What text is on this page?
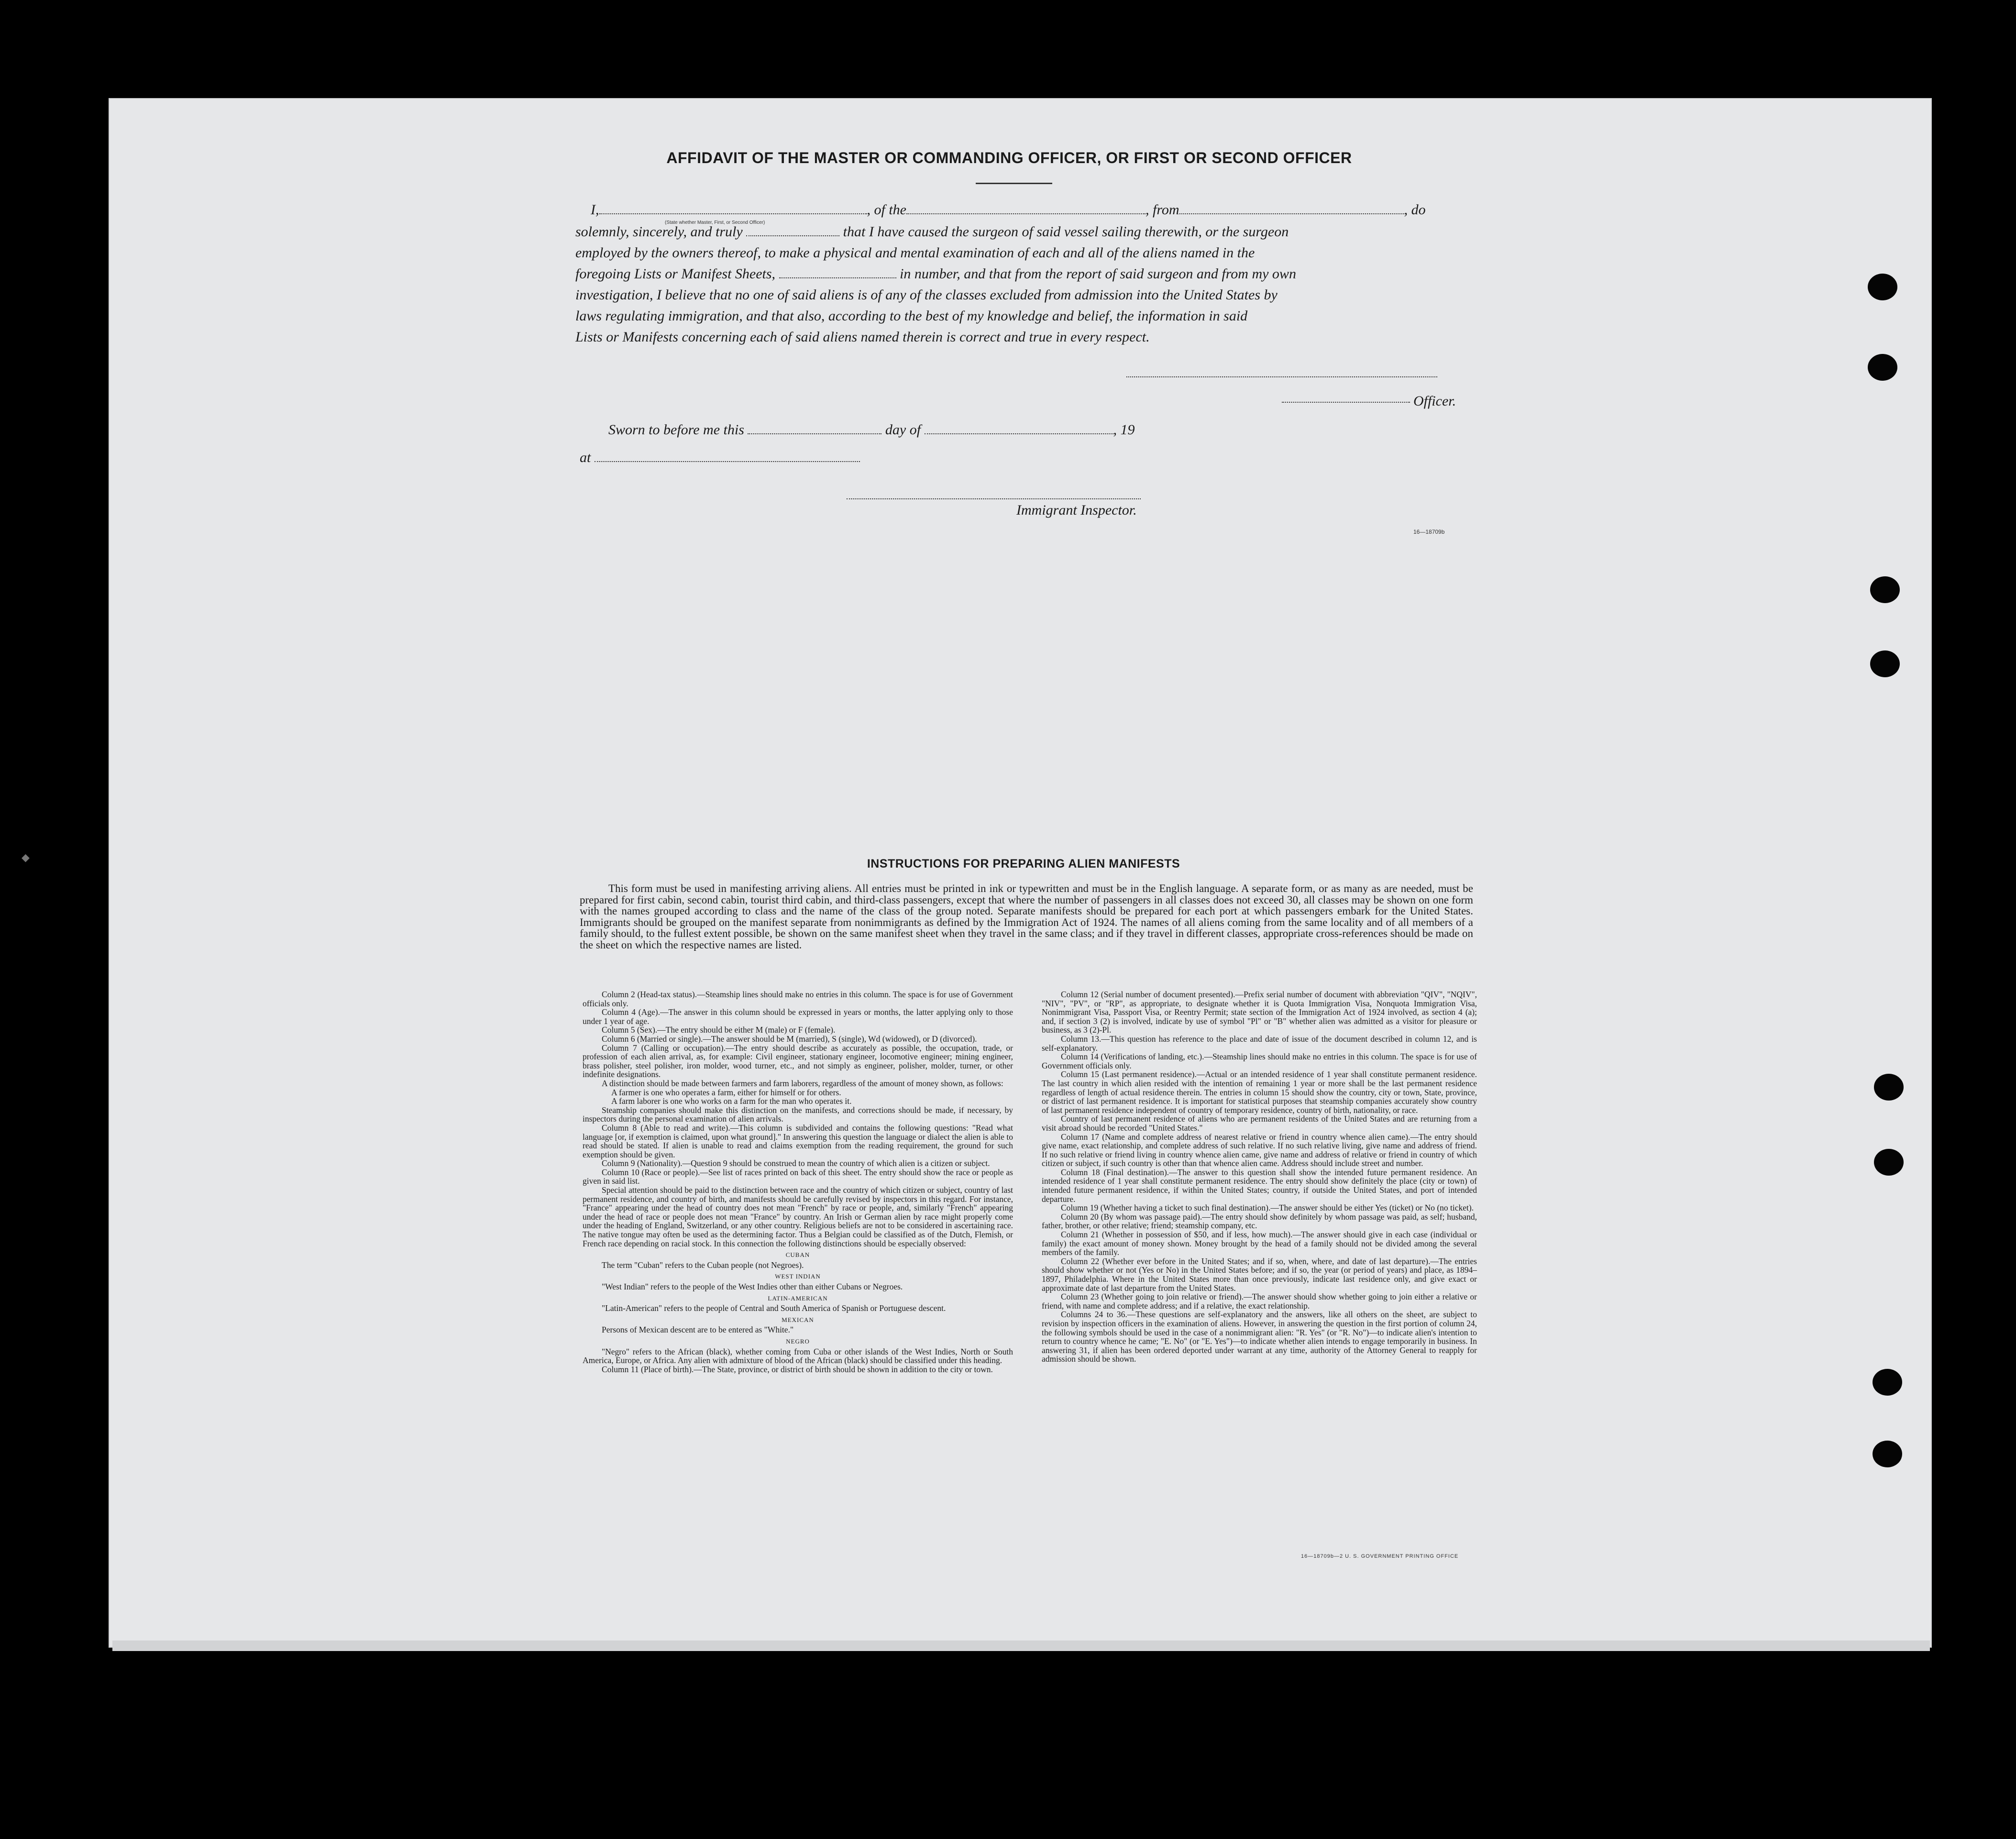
◆
AFFIDAVIT OF THE MASTER OR COMMANDING OFFICER, OR FIRST OR SECOND OFFICER
I,	, of the	, from	, do
(State whether Master, First, or Second Officer)
solemnly, sincerely, and truly	that I have caused the surgeon of said vessel sailing therewith, or the surgeon
employed by the owners thereof, to make a physical and mental examination of each and all of the aliens named in the
foregoing Lists or Manifest Sheets,	in number, and that from the report of said surgeon and from my own
investigation, I believe that no one of said aliens is of any of the classes excluded from admission into the United States by
laws regulating immigration, and that also, according to the best of my knowledge and belief, the information in said
Lists or Manifests concerning each of said aliens named therein is correct and true in every respect.
Officer.
Sworn to before me this	day of	, 19
at
Immigrant Inspector.
16—18709b
INSTRUCTIONS FOR PREPARING ALIEN MANIFESTS
This form must be used in manifesting arriving aliens. All entries must be printed in ink or typewritten and must be in the English language. A separate form, or as many as are needed, must be prepared for first cabin, second cabin, tourist third cabin, and third-class passengers, except that where the number of passengers in all classes does not exceed 30, all classes may be shown on one form with the names grouped according to class and the name of the class of the group noted. Separate manifests should be prepared for each port at which passengers embark for the United States. Immigrants should be grouped on the manifest separate from nonimmigrants as defined by the Immigration Act of 1924. The names of all aliens coming from the same locality and of all members of a family should, to the fullest extent possible, be shown on the same manifest sheet when they travel in the same class; and if they travel in different classes, appropriate cross-references should be made on the sheet on which the respective names are listed.

Column 2 (Head-tax status).—Steamship lines should make no entries in this column. The space is for use of Government officials only.

Column 4 (Age).—The answer in this column should be expressed in years or months, the latter applying only to those under 1 year of age.

Column 5 (Sex).—The entry should be either M (male) or F (female).

Column 6 (Married or single).—The answer should be M (married), S (single), Wd (widowed), or D (divorced).

Column 7 (Calling or occupation).—The entry should describe as accurately as possible, the occupation, trade, or profession of each alien arrival, as, for example: Civil engineer, stationary engineer, locomotive engineer; mining engineer, brass polisher, steel polisher, iron molder, wood turner, etc., and not simply as engineer, polisher, molder, turner, or other indefinite designations.

A distinction should be made between farmers and farm laborers, regardless of the amount of money shown, as follows:

A farmer is one who operates a farm, either for himself or for others.

A farm laborer is one who works on a farm for the man who operates it.

Steamship companies should make this distinction on the manifests, and corrections should be made, if necessary, by inspectors during the personal examination of alien arrivals.

Column 8 (Able to read and write).—This column is subdivided and contains the following questions: "Read what language [or, if exemption is claimed, upon what ground]." In answering this question the language or dialect the alien is able to read should be stated. If alien is unable to read and claims exemption from the reading requirement, the ground for such exemption should be given.

Column 9 (Nationality).—Question 9 should be construed to mean the country of which alien is a citizen or subject.

Column 10 (Race or people).—See list of races printed on back of this sheet. The entry should show the race or people as given in said list.

Special attention should be paid to the distinction between race and the country of which citizen or subject, country of last permanent residence, and country of birth, and manifests should be carefully revised by inspectors in this regard. For instance, "France" appearing under the head of country does not mean "French" by race or people, and, similarly "French" appearing under the head of race or people does not mean "France" by country. An Irish or German alien by race might properly come under the heading of England, Switzerland, or any other country. Religious beliefs are not to be considered in ascertaining race. The native tongue may often be used as the determining factor. Thus a Belgian could be classified as of the Dutch, Flemish, or French race depending on racial stock. In this connection the following distinctions should be especially observed:

CUBAN

The term "Cuban" refers to the Cuban people (not Negroes).

WEST INDIAN

"West Indian" refers to the people of the West Indies other than either Cubans or Negroes.

LATIN-AMERICAN

"Latin-American" refers to the people of Central and South America of Spanish or Portuguese descent.

MEXICAN

Persons of Mexican descent are to be entered as "White."

NEGRO

"Negro" refers to the African (black), whether coming from Cuba or other islands of the West Indies, North or South America, Europe, or Africa. Any alien with admixture of blood of the African (black) should be classified under this heading.

Column 11 (Place of birth).—The State, province, or district of birth should be shown in addition to the city or town.

Column 12 (Serial number of document presented).—Prefix serial number of document with abbreviation "QIV", "NQIV", "NIV", "PV", or "RP", as appropriate, to designate whether it is Quota Immigration Visa, Nonquota Immigration Visa, Nonimmigrant Visa, Passport Visa, or Reentry Permit; state section of the Immigration Act of 1924 involved, as section 4 (a); and, if section 3 (2) is involved, indicate by use of symbol "Pl" or "B" whether alien was admitted as a visitor for pleasure or business, as 3 (2)-Pl.

Column 13.—This question has reference to the place and date of issue of the document described in column 12, and is self-explanatory.

Column 14 (Verifications of landing, etc.).—Steamship lines should make no entries in this column. The space is for use of Government officials only.

Column 15 (Last permanent residence).—Actual or an intended residence of 1 year shall constitute permanent residence. The last country in which alien resided with the intention of remaining 1 year or more shall be the last permanent residence regardless of length of actual residence therein. The entries in column 15 should show the country, city or town, State, province, or district of last permanent residence. It is important for statistical purposes that steamship companies accurately show country of last permanent residence independent of country of temporary residence, country of birth, nationality, or race.

Country of last permanent residence of aliens who are permanent residents of the United States and are returning from a visit abroad should be recorded "United States."

Column 17 (Name and complete address of nearest relative or friend in country whence alien came).—The entry should give name, exact relationship, and complete address of such relative. If no such relative living, give name and address of friend. If no such relative or friend living in country whence alien came, give name and address of relative or friend in country of which citizen or subject, if such country is other than that whence alien came. Address should include street and number.

Column 18 (Final destination).—The answer to this question shall show the intended future permanent residence. An intended residence of 1 year shall constitute permanent residence. The entry should show definitely the place (city or town) of intended future permanent residence, if within the United States; country, if outside the United States, and port of intended departure.

Column 19 (Whether having a ticket to such final destination).—The answer should be either Yes (ticket) or No (no ticket).

Column 20 (By whom was passage paid).—The entry should show definitely by whom passage was paid, as self; husband, father, brother, or other relative; friend; steamship company, etc.

Column 21 (Whether in possession of $50, and if less, how much).—The answer should give in each case (individual or family) the exact amount of money shown. Money brought by the head of a family should not be divided among the several members of the family.

Column 22 (Whether ever before in the United States; and if so, when, where, and date of last departure).—The entries should show whether or not (Yes or No) in the United States before; and if so, the year (or period of years) and place, as 1894–1897, Philadelphia. Where in the United States more than once previously, indicate last residence only, and give exact or approximate date of last departure from the United States.

Column 23 (Whether going to join relative or friend).—The answer should show whether going to join either a relative or friend, with name and complete address; and if a relative, the exact relationship.

Columns 24 to 36.—These questions are self-explanatory and the answers, like all others on the sheet, are subject to revision by inspection officers in the examination of aliens. However, in answering the question in the first portion of column 24, the following symbols should be used in the case of a nonimmigrant alien: "R. Yes" (or "R. No")—to indicate alien's intention to return to country whence he came; "E. No" (or "E. Yes")—to indicate whether alien intends to engage temporarily in business. In answering 31, if alien has been ordered deported under warrant at any time, authority of the Attorney General to reapply for admission should be shown.

16—18709b—2 U. S. GOVERNMENT PRINTING OFFICE
